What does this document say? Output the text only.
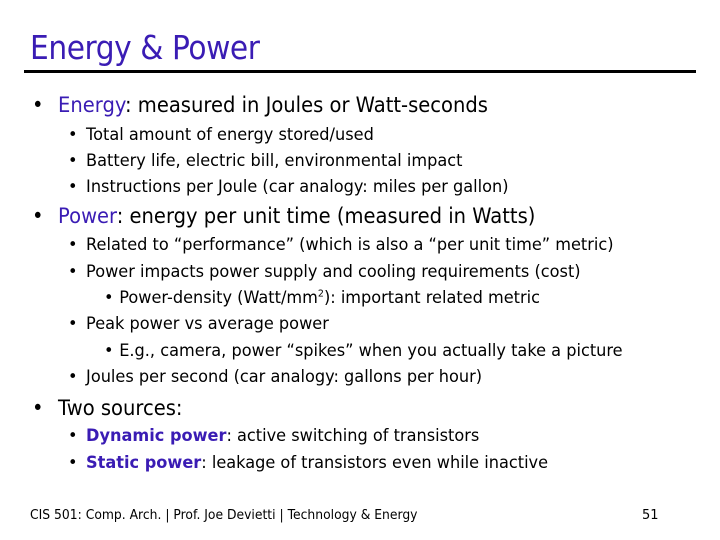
Energy & Power
• Energy: measured in Joules or Watt-seconds
• Total amount of energy stored/used
• Battery life, electric bill, environmental impact
• Instructions per Joule (car analogy: miles per gallon)
• Power: energy per unit time (measured in Watts)
• Related to “performance” (which is also a “per unit time” metric)
• Power impacts power supply and cooling requirements (cost)
• Power-density $(Watt/mm^2)$: important related metric
• Peak power vs average power
• E.g., camera, power “spikes” when you actually take a picture
• Joules per second (car analogy: gallons per hour)
• Two sources:
• Dynamic power: active switching of transistors
• Static power: leakage of transistors even while inactive
CIS 501: Comp. Arch. | Prof. Joe Devietti | Technology & Energy	51
